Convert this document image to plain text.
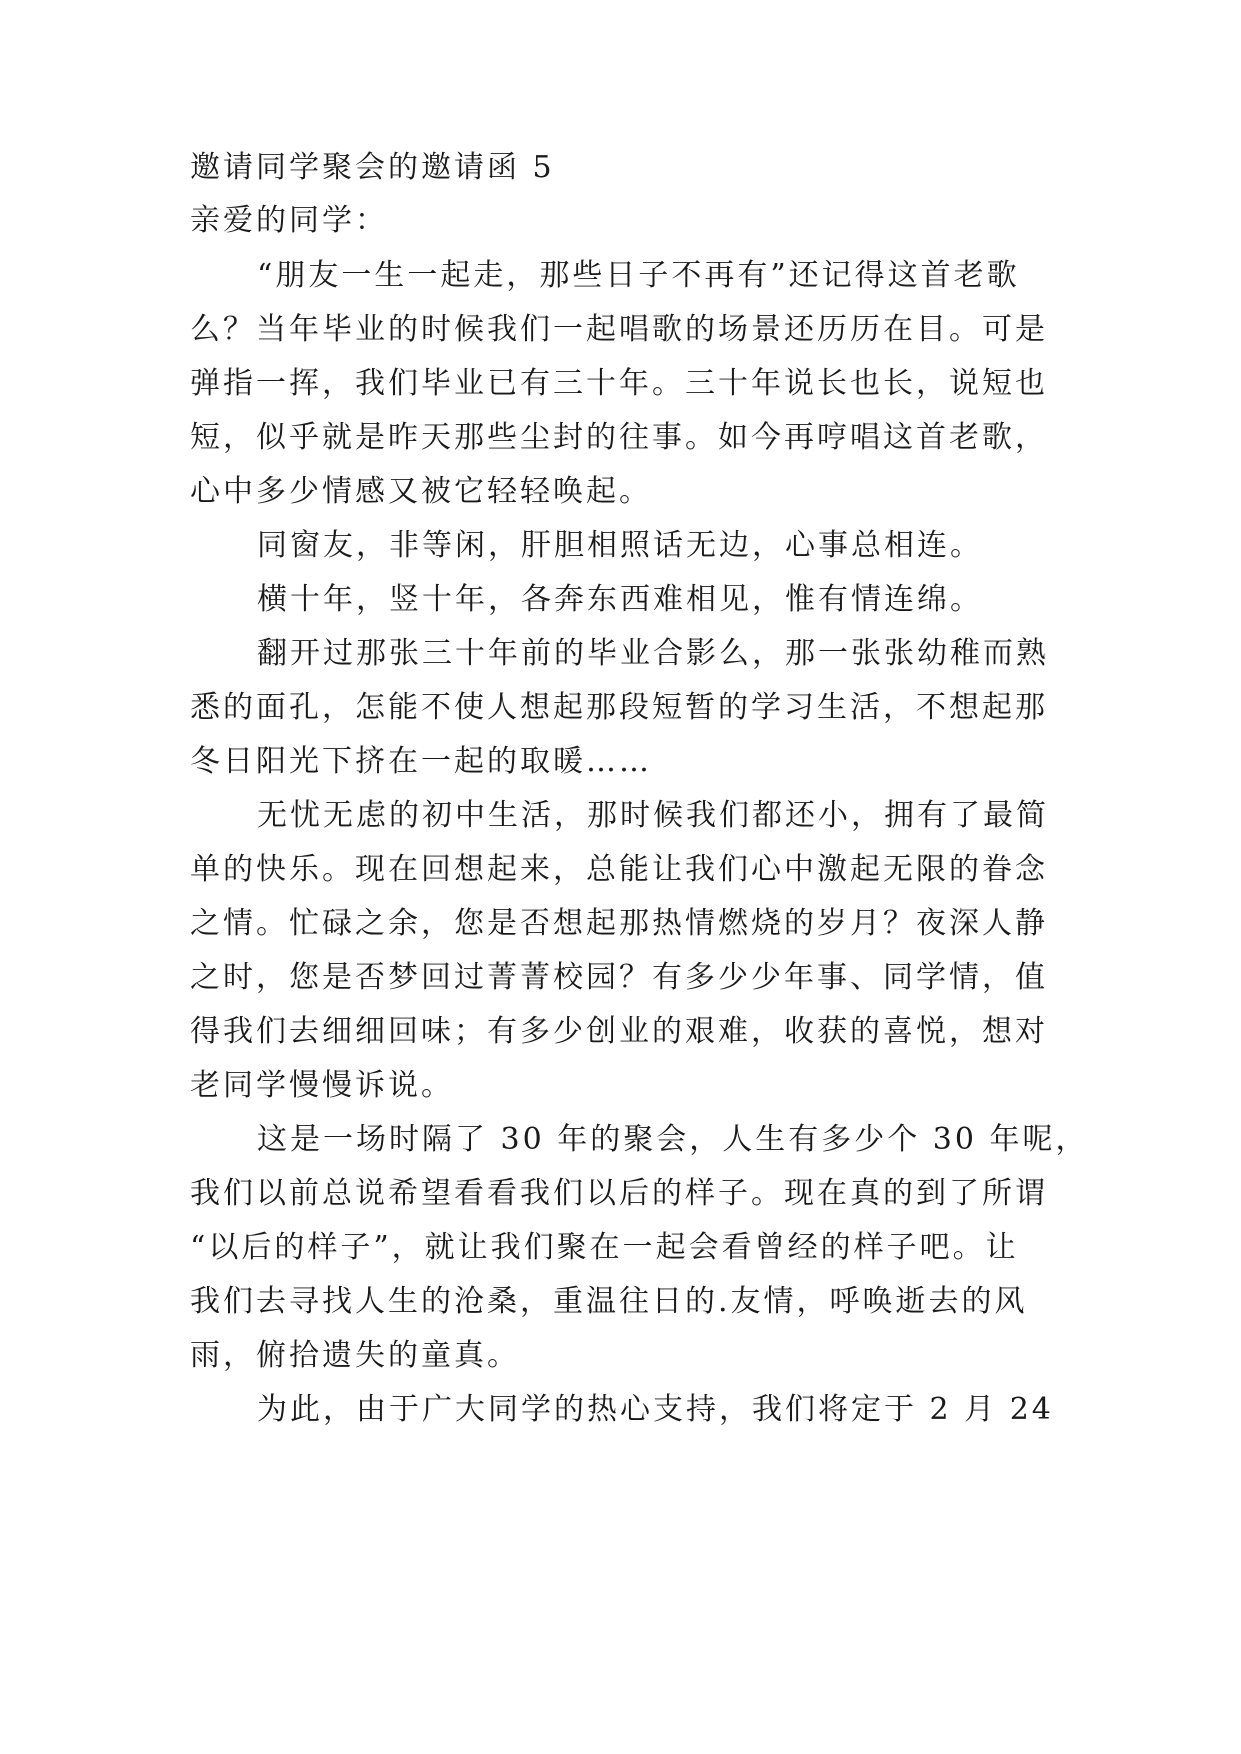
邀请同学聚会的邀请函 5
亲爱的同学：
“朋友一生一起走，那些日子不再有”还记得这首老歌
么？当年毕业的时候我们一起唱歌的场景还历历在目。可是
弹指一挥，我们毕业已有三十年。三十年说长也长，说短也
短，似乎就是昨天那些尘封的往事。如今再哼唱这首老歌，
心中多少情感又被它轻轻唤起。
同窗友，非等闲，肝胆相照话无边，心事总相连。
横十年，竖十年，各奔东西难相见，惟有情连绵。
翻开过那张三十年前的毕业合影么，那一张张幼稚而熟
悉的面孔，怎能不使人想起那段短暂的学习生活，不想起那
冬日阳光下挤在一起的取暖……
无忧无虑的初中生活，那时候我们都还小，拥有了最简
单的快乐。现在回想起来，总能让我们心中激起无限的眷念
之情。忙碌之余，您是否想起那热情燃烧的岁月？夜深人静
之时，您是否梦回过菁菁校园？有多少少年事、同学情，值
得我们去细细回味；有多少创业的艰难，收获的喜悦，想对
老同学慢慢诉说。
这是一场时隔了 30 年的聚会，人生有多少个 30 年呢，
我们以前总说希望看看我们以后的样子。现在真的到了所谓
“以后的样子”，就让我们聚在一起会看曾经的样子吧。让
我们去寻找人生的沧桑，重温往日的.友情，呼唤逝去的风
雨，俯拾遗失的童真。
为此，由于广大同学的热心支持，我们将定于 2 月 24
